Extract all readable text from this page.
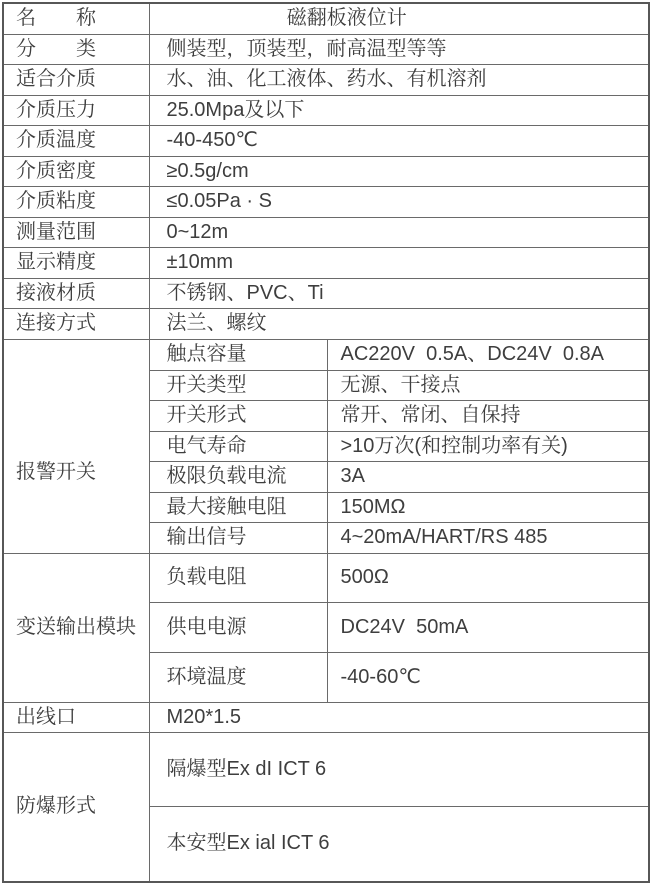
名　　称	磁翻板液位计	
分　　类	侧装型，顶装型，耐高温型等等	
适合介质	水、油、化工液体、药水、有机溶剂	
介质压力	25.0Mpa及以下	
介质温度	-40-450℃	
介质密度	≥0.5g/cm	
介质粘度	≤0.05Pa · S	
测量范围	0~12m	
显示精度	±10mm	
接液材质	不锈钢、PVC、Ti	
连接方式	法兰、螺纹	

报警开关	触点容量	AC220V  0.5A、DC24V  0.8A
	开关类型	无源、干接点
	开关形式	常开、常闭、自保持
	电气寿命	>10万次(和控制功率有关)
	极限负载电流	3A
	最大接触电阻	150MΩ
	输出信号	4~20mA/HART/RS 485

变送输出模块	负载电阻	500Ω
	供电电源	DC24V  50mA
	环境温度	-40-60℃
出线口	M20*1.5	

防爆形式	隔爆型Ex dI ICT 6	
	本安型Ex ial ICT 6	
